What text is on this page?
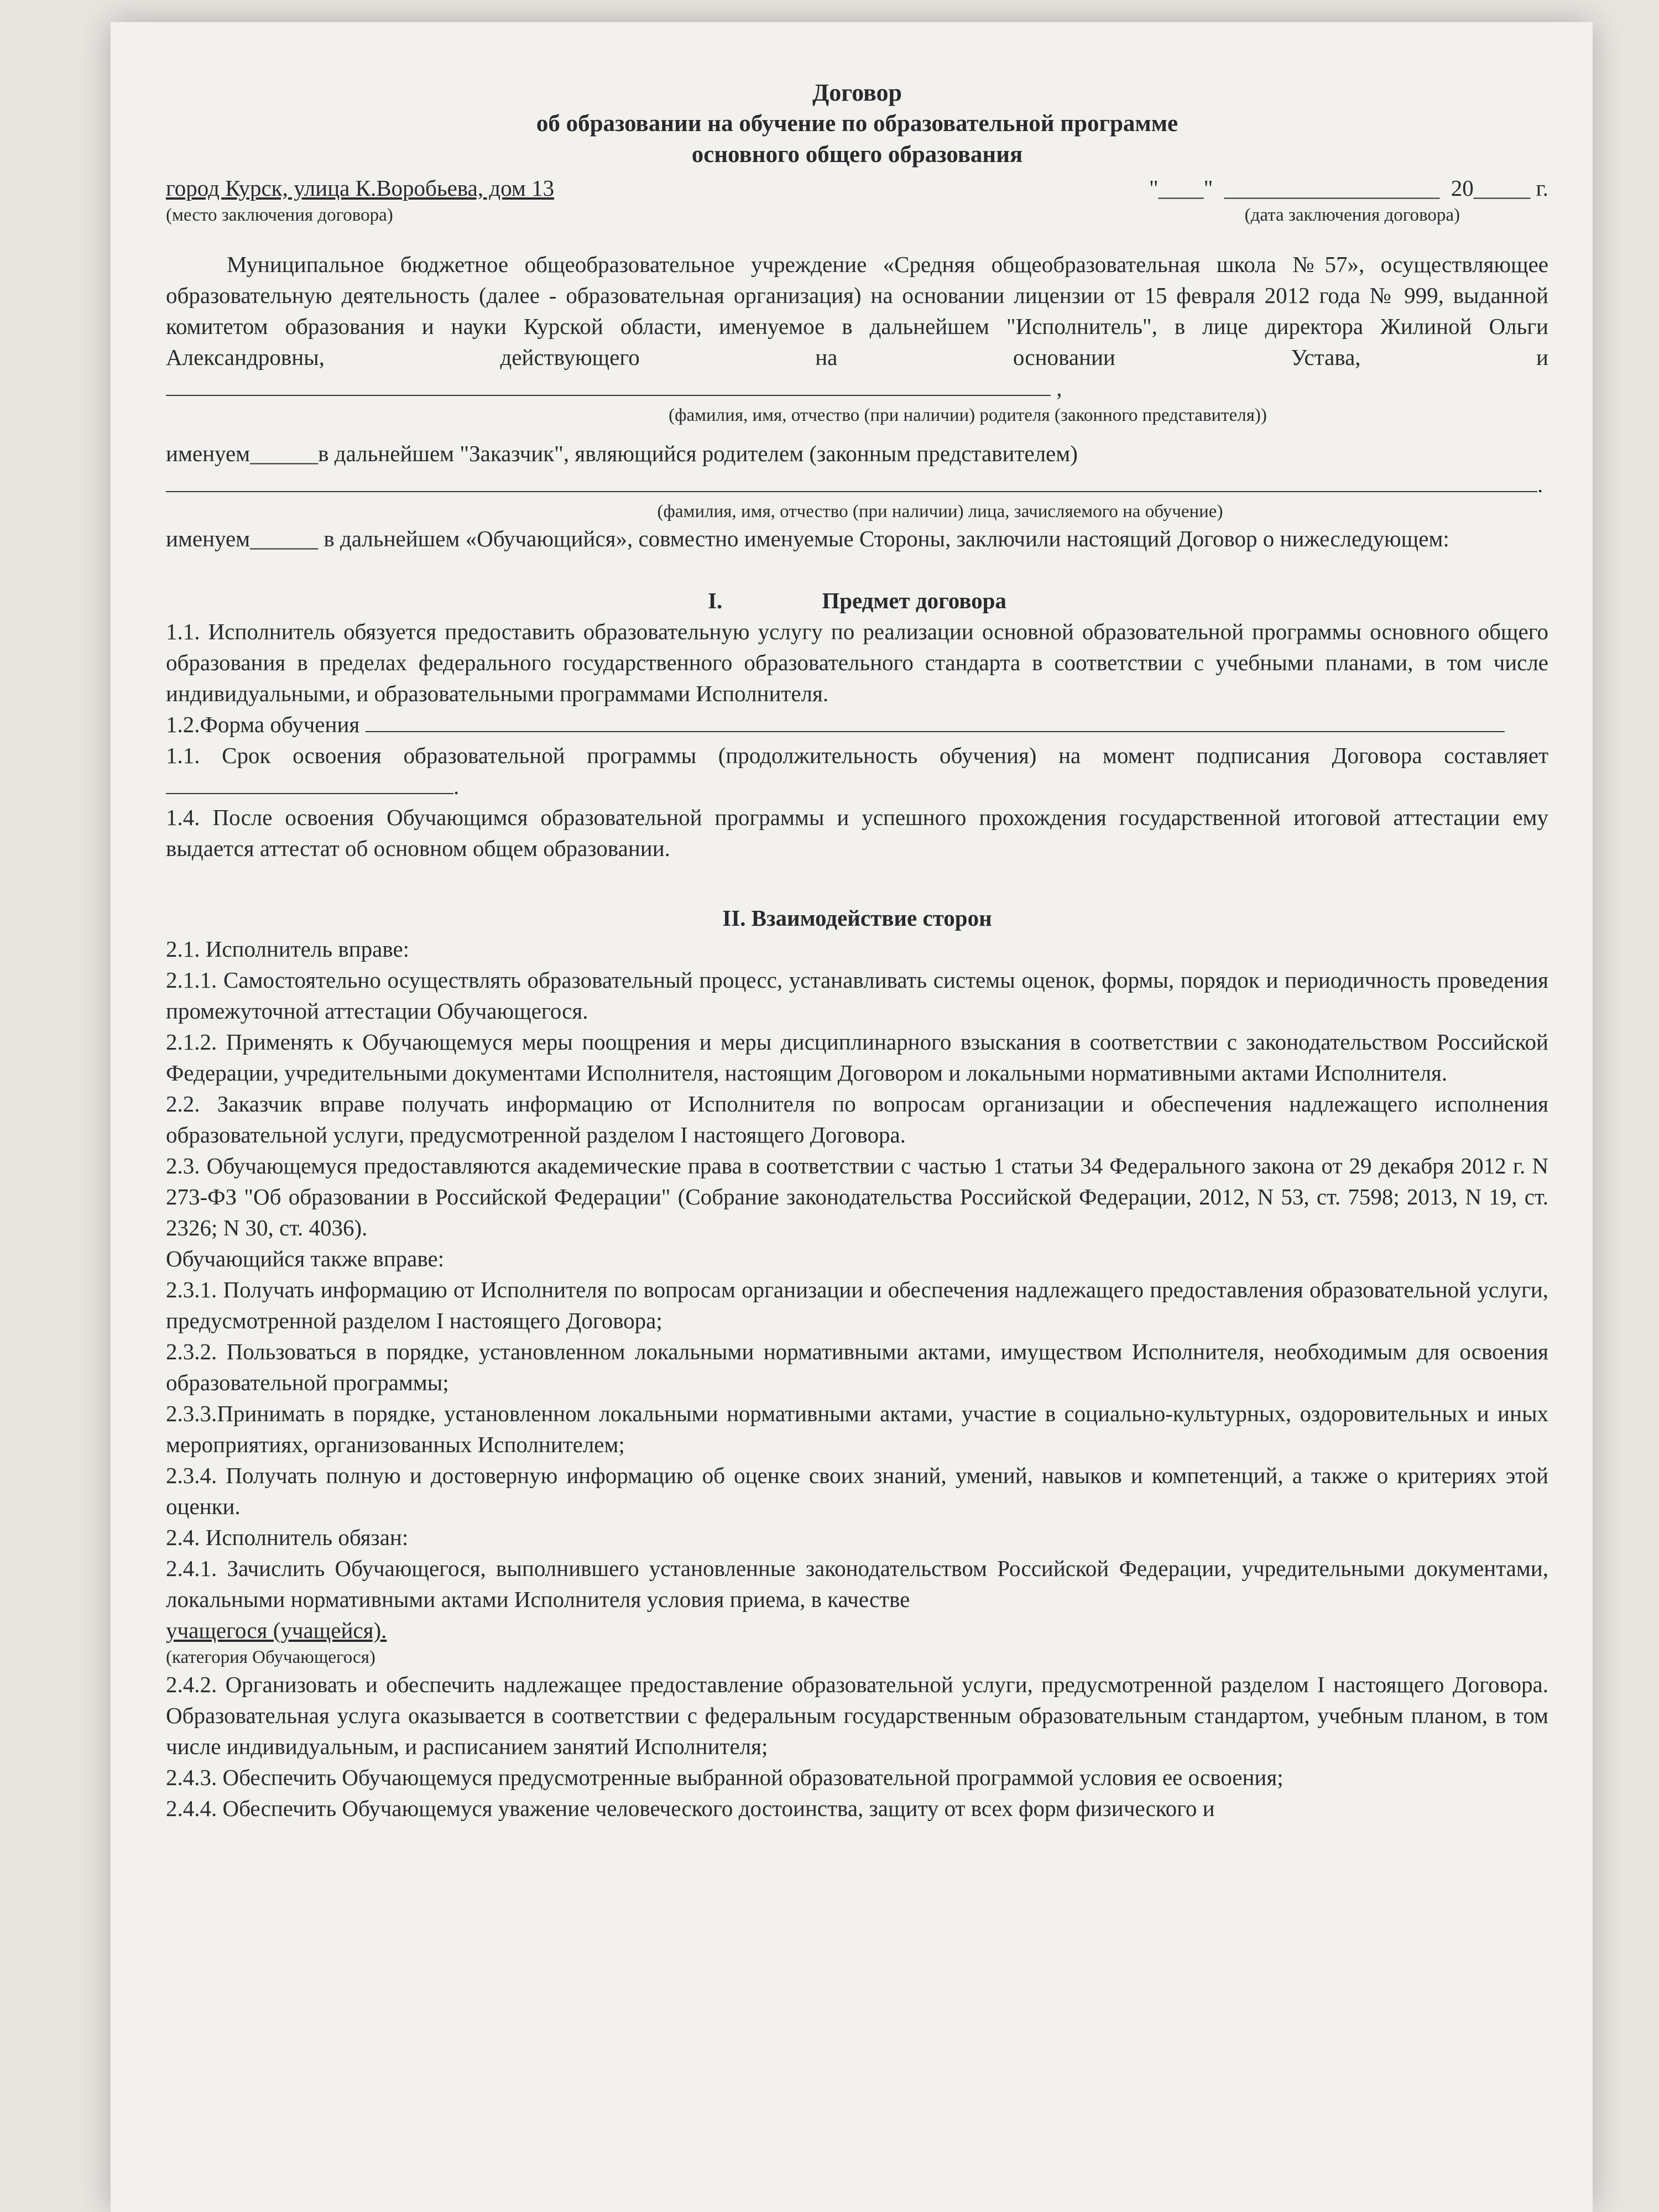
Договор
об образовании на обучение по образовательной программе
основного общего образования
город Курск, улица К.Воробьева, дом 13	"____"  ___________________  20_____ г.
(место заключения договора)	(дата заключения договора)

Муниципальное бюджетное общеобразовательное учреждение «Средняя общеобразовательная школа №57», осуществляющее образовательную деятельность (далее - образовательная организация) на основании лицензии от 15 февраля 2012 года № 999, выданной комитетом образования и науки Курской области, именуемое в дальнейшем "Исполнитель", в лице директора Жилиной Ольги Александровны, действующего на основании Устава, и  ,

(фамилия, имя, отчество (при наличии) родителя (законного представителя))

именуем______в дальнейшем "Заказчик", являющийся родителем (законным представителем)

.

(фамилия, имя, отчество (при наличии) лица, зачисляемого на обучение)

именуем______ в дальнейшем «Обучающийся», совместно именуемые Стороны, заключили настоящий Договор о нижеследующем:

I.	Предмет договора

1.1. Исполнитель обязуется предоставить образовательную услугу по реализации основной образовательной программы основного общего образования в пределах федерального государственного образовательного стандарта в соответствии с учебными планами, в том числе индивидуальными, и образовательными программами Исполнителя.

1.2.Форма обучения

1.1. Срок освоения образовательной программы (продолжительность обучения) на момент подписания Договора составляет .

1.4. После освоения Обучающимся образовательной программы и успешного прохождения государственной итоговой аттестации ему выдается аттестат об основном общем образовании.

II. Взаимодействие сторон

2.1. Исполнитель вправе:

2.1.1. Самостоятельно осуществлять образовательный процесс, устанавливать системы оценок, формы, порядок и периодичность проведения промежуточной аттестации Обучающегося.

2.1.2. Применять к Обучающемуся меры поощрения и меры дисциплинарного взыскания в соответствии с законодательством Российской Федерации, учредительными документами Исполнителя, настоящим Договором и локальными нормативными актами Исполнителя.

2.2. Заказчик вправе получать информацию от Исполнителя по вопросам организации и обеспечения надлежащего исполнения образовательной услуги, предусмотренной разделом I настоящего Договора.

2.3. Обучающемуся предоставляются академические права в соответствии с частью 1 статьи 34 Федерального закона от 29 декабря 2012 г. N 273-ФЗ "Об образовании в Российской Федерации" (Собрание законодательства Российской Федерации, 2012, N 53, ст. 7598; 2013, N 19, ст. 2326; N 30, ст. 4036).

Обучающийся также вправе:

2.3.1. Получать информацию от Исполнителя по вопросам организации и обеспечения надлежащего предоставления образовательной услуги, предусмотренной разделом I настоящего Договора;

2.3.2. Пользоваться в порядке, установленном локальными нормативными актами, имуществом Исполнителя, необходимым для освоения образовательной программы;

2.3.3.Принимать в порядке, установленном локальными нормативными актами, участие в социально-культурных, оздоровительных и иных мероприятиях, организованных Исполнителем;

2.3.4. Получать полную и достоверную информацию об оценке своих знаний, умений, навыков и компетенций, а также о критериях этой оценки.

2.4. Исполнитель обязан:

2.4.1. Зачислить Обучающегося, выполнившего установленные законодательством Российской Федерации, учредительными документами, локальными нормативными актами Исполнителя условия приема, в качестве

учащегося (учащейся).

(категория Обучающегося)

2.4.2. Организовать и обеспечить надлежащее предоставление образовательной услуги, предусмотренной разделом I настоящего Договора. Образовательная услуга оказывается в соответствии с федеральным государственным образовательным стандартом, учебным планом, в том числе индивидуальным, и расписанием занятий Исполнителя;

2.4.3. Обеспечить Обучающемуся предусмотренные выбранной образовательной программой условия ее освоения;

2.4.4. Обеспечить Обучающемуся уважение человеческого достоинства, защиту от всех форм физического и
